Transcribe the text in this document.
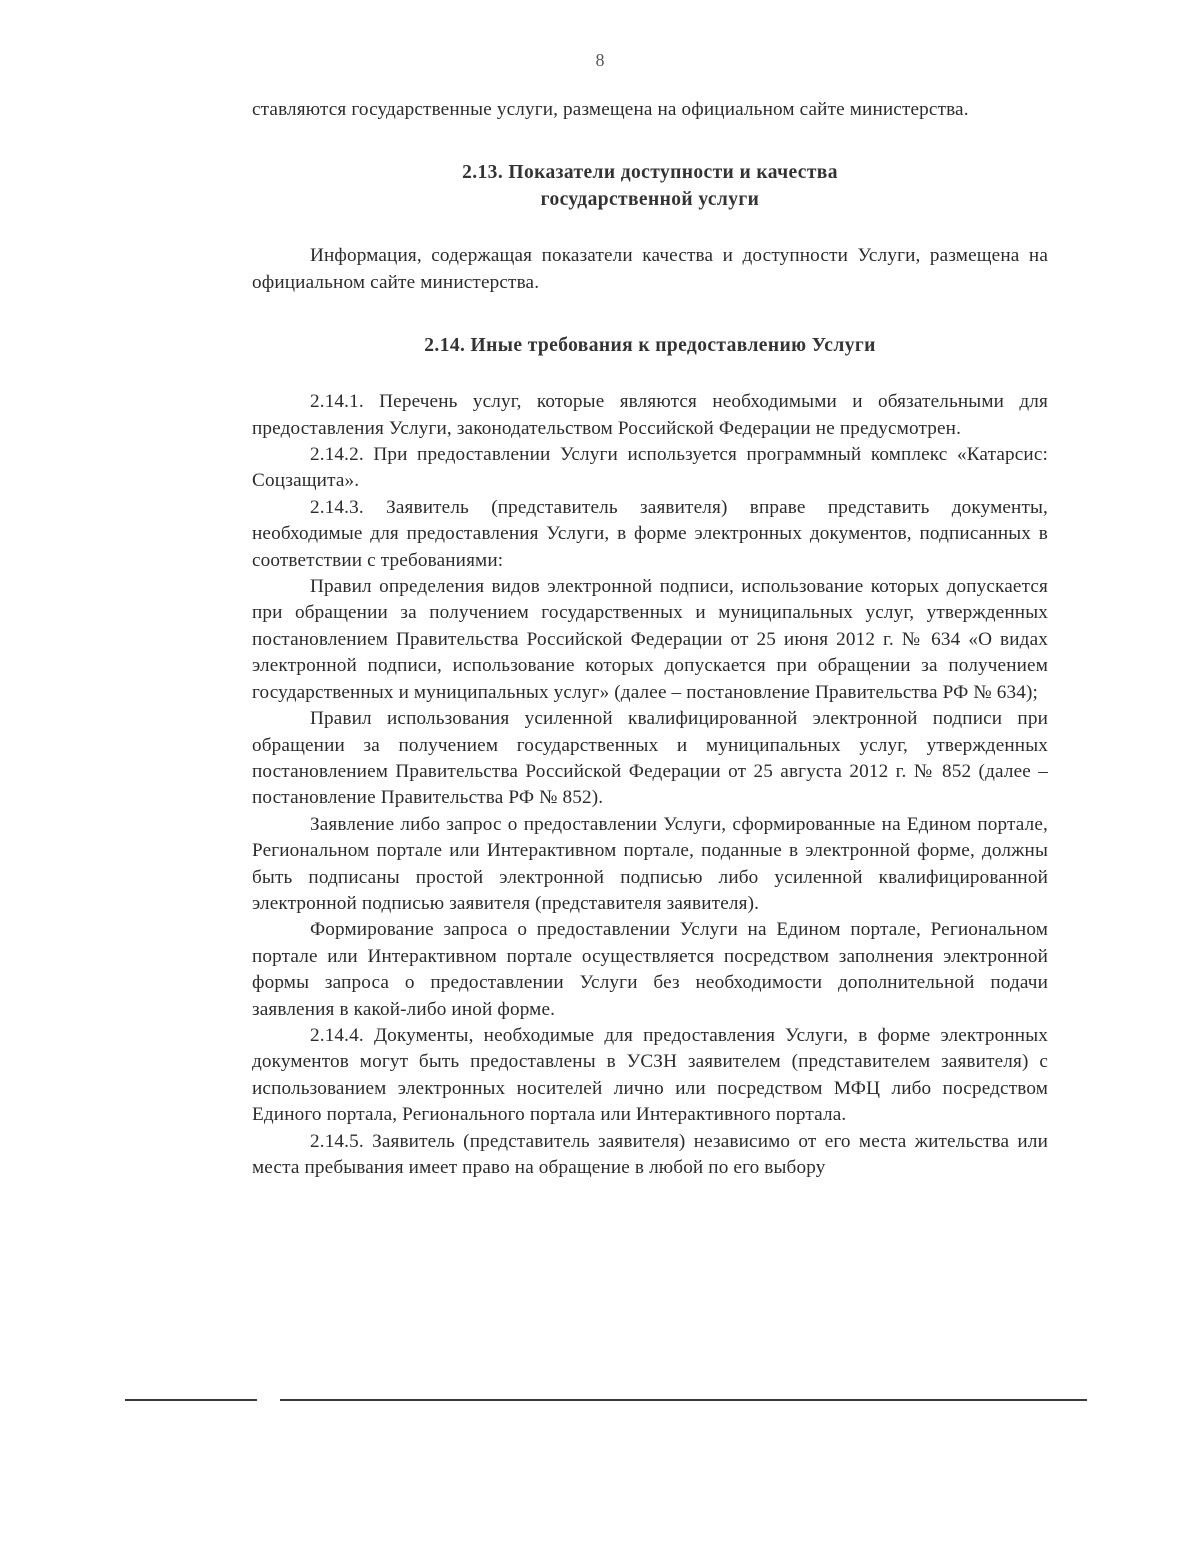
8

ставляются государственные услуги, размещена на официальном сайте министерства.

2.13. Показатели доступности и качества
государственной услуги

Информация, содержащая показатели качества и доступности Услуги, размещена на официальном сайте министерства.

2.14. Иные требования к предоставлению Услуги

2.14.1. Перечень услуг, которые являются необходимыми и обязательными для предоставления Услуги, законодательством Российской Федерации не предусмотрен.

2.14.2. При предоставлении Услуги используется программный комплекс «Катарсис: Соцзащита».

2.14.3. Заявитель (представитель заявителя) вправе представить документы, необходимые для предоставления Услуги, в форме электронных документов, подписанных в соответствии с требованиями:

Правил определения видов электронной подписи, использование которых допускается при обращении за получением государственных и муниципальных услуг, утвержденных постановлением Правительства Российской Федерации от 25 июня 2012 г. № 634 «О видах электронной подписи, использование которых допускается при обращении за получением государственных и муниципальных услуг» (далее – постановление Правительства РФ № 634);

Правил использования усиленной квалифицированной электронной подписи при обращении за получением государственных и муниципальных услуг, утвержденных постановлением Правительства Российской Федерации от 25 августа 2012 г. № 852 (далее – постановление Правительства РФ № 852).

Заявление либо запрос о предоставлении Услуги, сформированные на Едином портале, Региональном портале или Интерактивном портале, поданные в электронной форме, должны быть подписаны простой электронной подписью либо усиленной квалифицированной электронной подписью заявителя (представителя заявителя).

Формирование запроса о предоставлении Услуги на Едином портале, Региональном портале или Интерактивном портале осуществляется посредством заполнения электронной формы запроса о предоставлении Услуги без необходимости дополнительной подачи заявления в какой-либо иной форме.

2.14.4. Документы, необходимые для предоставления Услуги, в форме электронных документов могут быть предоставлены в УСЗН заявителем (представителем заявителя) с использованием электронных носителей лично или посредством МФЦ либо посредством Единого портала, Регионального портала или Интерактивного портала.

2.14.5. Заявитель (представитель заявителя) независимо от его места жительства или места пребывания имеет право на обращение в любой по его выбору
